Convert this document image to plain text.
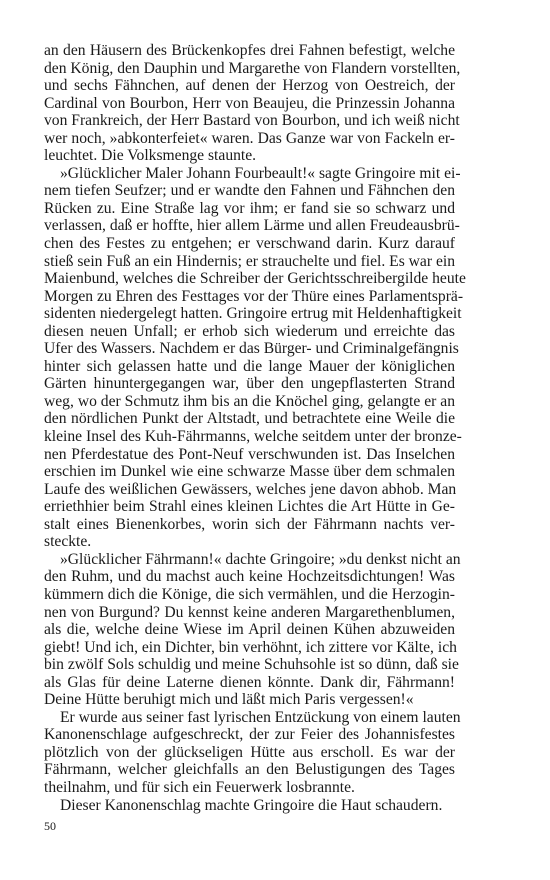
an den Häusern des Brückenkopfes drei Fahnen befestigt, welche
den König, den Dauphin und Margarethe von Flandern vorstellten,
und sechs Fähnchen, auf denen der Herzog von Oestreich, der
Cardinal von Bourbon, Herr von Beaujeu, die Prinzessin Johanna
von Frankreich, der Herr Bastard von Bourbon, und ich weiß nicht
wer noch, »abkonterfeiet« waren. Das Ganze war von Fackeln er-
leuchtet. Die Volksmenge staunte.
»Glücklicher Maler Johann Fourbeault!« sagte Gringoire mit ei-
nem tiefen Seufzer; und er wandte den Fahnen und Fähnchen den
Rücken zu. Eine Straße lag vor ihm; er fand sie so schwarz und
verlassen, daß er hoffte, hier allem Lärme und allen Freudeausbrü-
chen des Festes zu entgehen; er verschwand darin. Kurz darauf
stieß sein Fuß an ein Hindernis; er strauchelte und fiel. Es war ein
Maienbund, welches die Schreiber der Gerichtsschreibergilde heute
Morgen zu Ehren des Festtages vor der Thüre eines Parlamentsprä-
sidenten niedergelegt hatten. Gringoire ertrug mit Heldenhaftigkeit
diesen neuen Unfall; er erhob sich wiederum und erreichte das
Ufer des Wassers. Nachdem er das Bürger- und Criminalgefängnis
hinter sich gelassen hatte und die lange Mauer der königlichen
Gärten hinuntergegangen war, über den ungepflasterten Strand
weg, wo der Schmutz ihm bis an die Knöchel ging, gelangte er an
den nördlichen Punkt der Altstadt, und betrachtete eine Weile die
kleine Insel des Kuh-Fährmanns, welche seitdem unter der bronze-
nen Pferdestatue des Pont-Neuf verschwunden ist. Das Inselchen
erschien im Dunkel wie eine schwarze Masse über dem schmalen
Laufe des weißlichen Gewässers, welches jene davon abhob. Man
erriethhier beim Strahl eines kleinen Lichtes die Art Hütte in Ge-
stalt eines Bienenkorbes, worin sich der Fährmann nachts ver-
steckte.
»Glücklicher Fährmann!« dachte Gringoire; »du denkst nicht an
den Ruhm, und du machst auch keine Hochzeitsdichtungen! Was
kümmern dich die Könige, die sich vermählen, und die Herzogin-
nen von Burgund? Du kennst keine anderen Margarethenblumen,
als die, welche deine Wiese im April deinen Kühen abzuweiden
giebt! Und ich, ein Dichter, bin verhöhnt, ich zittere vor Kälte, ich
bin zwölf Sols schuldig und meine Schuhsohle ist so dünn, daß sie
als Glas für deine Laterne dienen könnte. Dank dir, Fährmann!
Deine Hütte beruhigt mich und läßt mich Paris vergessen!«
Er wurde aus seiner fast lyrischen Entzückung von einem lauten
Kanonenschlage aufgeschreckt, der zur Feier des Johannisfestes
plötzlich von der glückseligen Hütte aus erscholl. Es war der
Fährmann, welcher gleichfalls an den Belustigungen des Tages
theilnahm, und für sich ein Feuerwerk losbrannte.
Dieser Kanonenschlag machte Gringoire die Haut schaudern.
50
